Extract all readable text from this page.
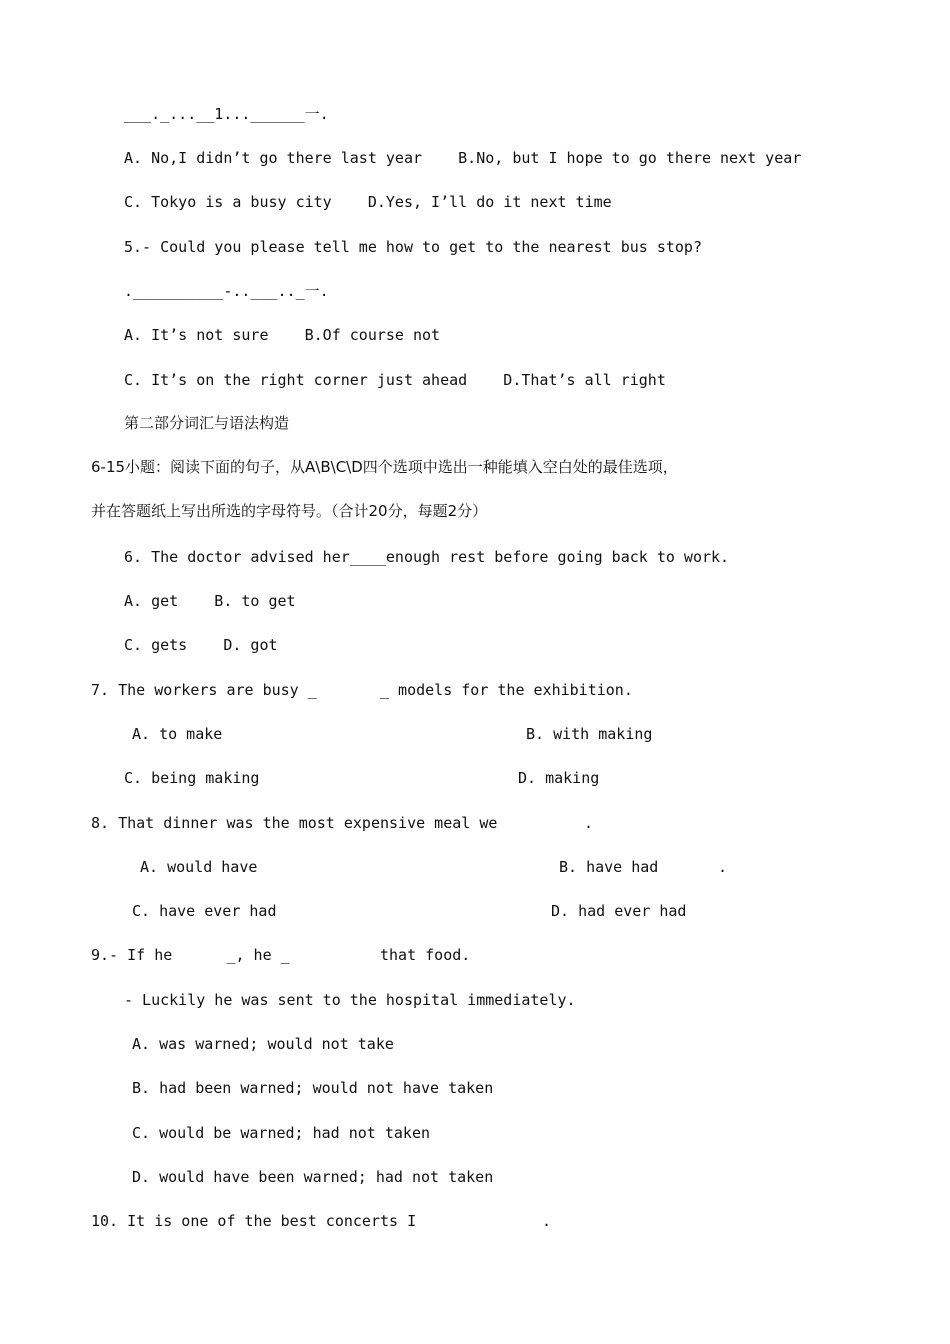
___._...__1...______一.

A. No,I didn’t go there last year    B.No, but I hope to go there next year

C. Tokyo is a busy city    D.Yes, I’ll do it next time

5.- Could you please tell me how to get to the nearest bus stop?

.__________-..___.._一.

A. It’s not sure    B.Of course not

C. It’s on the right corner just ahead    D.That’s all right

第二部分词汇与语法构造

6-15小题：阅读下面的句子，从A\B\C\D四个选项中选出一种能填入空白处的最佳选项，

并在答题纸上写出所选的字母符号。（合计20分，每题2分）

6. The doctor advised her____enough rest before going back to work.

A. get    B. to get

C. gets    D. got

7. The workers are busy _       _ models for the exhibition.

A. to make	B. with making

C. being making	D. making

8. That dinner was the most expensive meal we	.

A. would have	B. have had	.

C. have ever had	D. had ever had

9.- If he      _, he _          that food.

- Luckily he was sent to the hospital immediately.

A. was warned; would not take

B. had been warned; would not have taken

C. would be warned; had not taken

D. would have been warned; had not taken

10. It is one of the best concerts I	.
